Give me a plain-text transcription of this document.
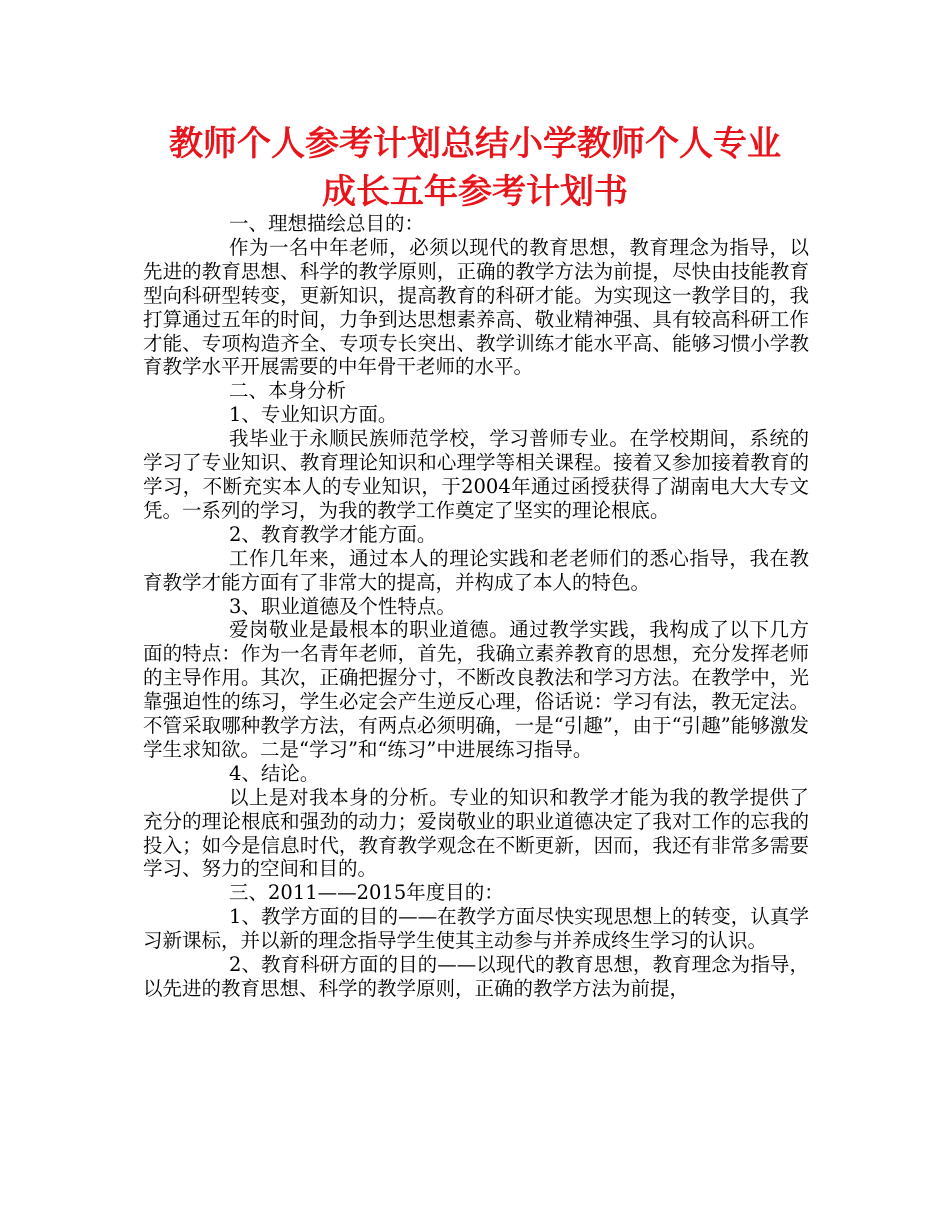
教师个人参考计划总结小学教师个人专业
成长五年参考计划书

一、理想描绘总目的：

作为一名中年老师，必须以现代的教育思想，教育理念为指导，以先进的教育思想、科学的教学原则，正确的教学方法为前提，尽快由技能教育型向科研型转变，更新知识，提高教育的科研才能。为实现这一教学目的，我打算通过五年的时间，力争到达思想素养高、敬业精神强、具有较高科研工作才能、专项构造齐全、专项专长突出、教学训练才能水平高、能够习惯小学教育教学水平开展需要的中年骨干老师的水平。

二、本身分析

1、专业知识方面。

我毕业于永顺民族师范学校，学习普师专业。在学校期间，系统的学习了专业知识、教育理论知识和心理学等相关课程。接着又参加接着教育的学习，不断充实本人的专业知识，于2004年通过函授获得了湖南电大大专文凭。一系列的学习，为我的教学工作奠定了坚实的理论根底。

2、教育教学才能方面。

工作几年来，通过本人的理论实践和老老师们的悉心指导，我在教育教学才能方面有了非常大的提高，并构成了本人的特色。

3、职业道德及个性特点。

爱岗敬业是最根本的职业道德。通过教学实践，我构成了以下几方面的特点：作为一名青年老师，首先，我确立素养教育的思想，充分发挥老师的主导作用。其次，正确把握分寸，不断改良教法和学习方法。在教学中，光靠强迫性的练习，学生必定会产生逆反心理，俗话说：学习有法，教无定法。不管采取哪种教学方法，有两点必须明确，一是“引趣”，由于“引趣”能够激发学生求知欲。二是“学习”和“练习”中进展练习指导。

4、结论。

以上是对我本身的分析。专业的知识和教学才能为我的教学提供了充分的理论根底和强劲的动力；爱岗敬业的职业道德决定了我对工作的忘我的投入；如今是信息时代，教育教学观念在不断更新，因而，我还有非常多需要学习、努力的空间和目的。

三、2011——2015年度目的：

1、教学方面的目的——在教学方面尽快实现思想上的转变，认真学习新课标，并以新的理念指导学生使其主动参与并养成终生学习的认识。

2、教育科研方面的目的——以现代的教育思想，教育理念为指导，以先进的教育思想、科学的教学原则，正确的教学方法为前提，
